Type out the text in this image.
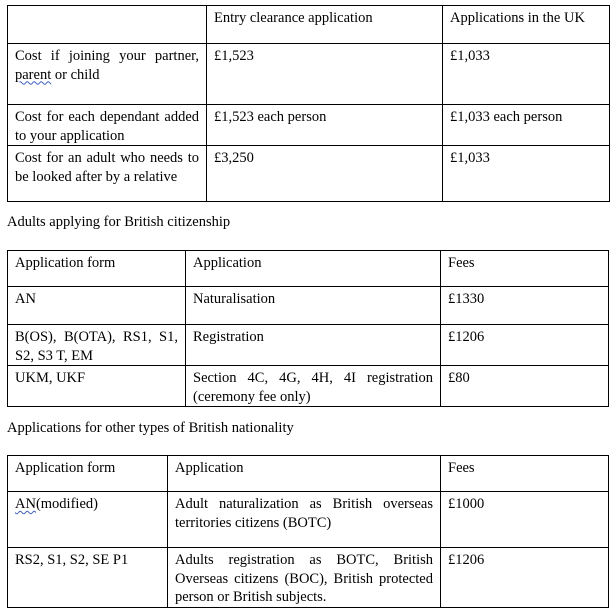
	Entry clearance application	Applications in the UK
Cost if joining your partner, parent or child	£1,523	£1,033
Cost for each dependant added to your application	£1,523 each person	£1,033 each person
Cost for an adult who needs to be looked after by a relative	£3,250	£1,033
Adults applying for British citizenship
Application form	Application	Fees
AN	Naturalisation	£1330
B(OS), B(OTA), RS1, S1, S2, S3 T, EM	Registration	£1206
UKM, UKF	Section 4C, 4G, 4H, 4I registration (ceremony fee only)	£80
Applications for other types of British nationality
Application form	Application	Fees
AN(modified)	Adult naturalization as British overseas territories citizens (BOTC)	£1000
RS2, S1, S2, SE P1	Adults registration as BOTC, British Overseas citizens (BOC), British protected person or British subjects.	£1206
